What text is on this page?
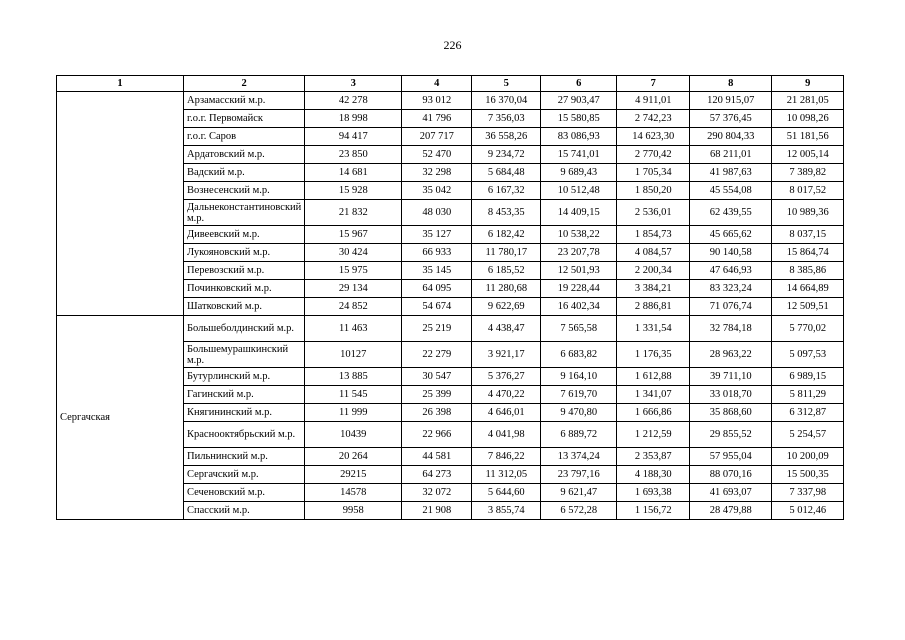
226
1	2	3	4	5	6	7	8	9
	Арзамасский м.р.	42 278	93 012	16 370,04	27 903,47	4 911,01	120 915,07	21 281,05
	г.о.г. Первомайск	18 998	41 796	7 356,03	15 580,85	2 742,23	57 376,45	10 098,26
	г.о.г. Саров	94 417	207 717	36 558,26	83 086,93	14 623,30	290 804,33	51 181,56
	Ардатовский м.р.	23 850	52 470	9 234,72	15 741,01	2 770,42	68 211,01	12 005,14
	Вадский м.р.	14 681	32 298	5 684,48	9 689,43	1 705,34	41 987,63	7 389,82
	Вознесенский м.р.	15 928	35 042	6 167,32	10 512,48	1 850,20	45 554,08	8 017,52
	Дальнеконстантиновский м.р.	21 832	48 030	8 453,35	14 409,15	2 536,01	62 439,55	10 989,36
	Дивеевский м.р.	15 967	35 127	6 182,42	10 538,22	1 854,73	45 665,62	8 037,15
	Лукояновский м.р.	30 424	66 933	11 780,17	23 207,78	4 084,57	90 140,58	15 864,74
	Перевозский м.р.	15 975	35 145	6 185,52	12 501,93	2 200,34	47 646,93	8 385,86
	Починковский м.р.	29 134	64 095	11 280,68	19 228,44	3 384,21	83 323,24	14 664,89
	Шатковский м.р.	24 852	54 674	9 622,69	16 402,34	2 886,81	71 076,74	12 509,51
Сергачская	Большеболдинский м.р.	11 463	25 219	4 438,47	7 565,58	1 331,54	32 784,18	5 770,02
	Большемурашкинский м.р.	10127	22 279	3 921,17	6 683,82	1 176,35	28 963,22	5 097,53
	Бутурлинский м.р.	13 885	30 547	5 376,27	9 164,10	1 612,88	39 711,10	6 989,15
	Гагинский м.р.	11 545	25 399	4 470,22	7 619,70	1 341,07	33 018,70	5 811,29
	Княгининский м.р.	11 999	26 398	4 646,01	9 470,80	1 666,86	35 868,60	6 312,87
	Краснооктябрьский м.р.	10439	22 966	4 041,98	6 889,72	1 212,59	29 855,52	5 254,57
	Пильнинский м.р.	20 264	44 581	7 846,22	13 374,24	2 353,87	57 955,04	10 200,09
	Сергачский м.р.	29215	64 273	11 312,05	23 797,16	4 188,30	88 070,16	15 500,35
	Сеченовский м.р.	14578	32 072	5 644,60	9 621,47	1 693,38	41 693,07	7 337,98
	Спасский м.р.	9958	21 908	3 855,74	6 572,28	1 156,72	28 479,88	5 012,46
